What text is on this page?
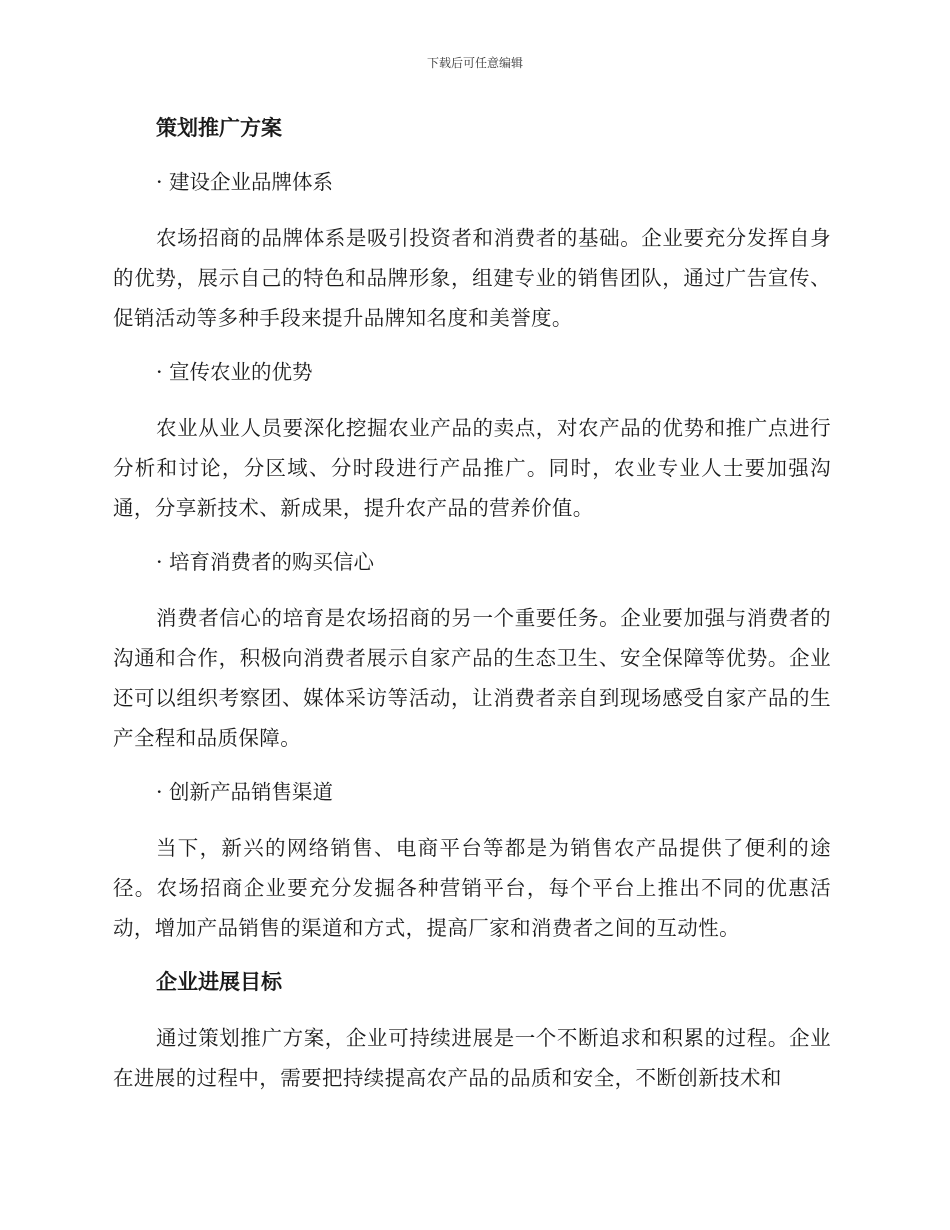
下载后可任意编辑
策划推广方案
· 建设企业品牌体系
农场招商的品牌体系是吸引投资者和消费者的基础。企业要充分发挥自身的优势，展示自己的特色和品牌形象，组建专业的销售团队，通过广告宣传、促销活动等多种手段来提升品牌知名度和美誉度。
· 宣传农业的优势
农业从业人员要深化挖掘农业产品的卖点，对农产品的优势和推广点进行分析和讨论，分区域、分时段进行产品推广。同时，农业专业人士要加强沟通，分享新技术、新成果，提升农产品的营养价值。
· 培育消费者的购买信心
消费者信心的培育是农场招商的另一个重要任务。企业要加强与消费者的沟通和合作，积极向消费者展示自家产品的生态卫生、安全保障等优势。企业还可以组织考察团、媒体采访等活动，让消费者亲自到现场感受自家产品的生产全程和品质保障。
· 创新产品销售渠道
当下，新兴的网络销售、电商平台等都是为销售农产品提供了便利的途径。农场招商企业要充分发掘各种营销平台，每个平台上推出不同的优惠活动，增加产品销售的渠道和方式，提高厂家和消费者之间的互动性。
企业进展目标
通过策划推广方案，企业可持续进展是一个不断追求和积累的过程。企业在进展的过程中，需要把持续提高农产品的品质和安全，不断创新技术和
